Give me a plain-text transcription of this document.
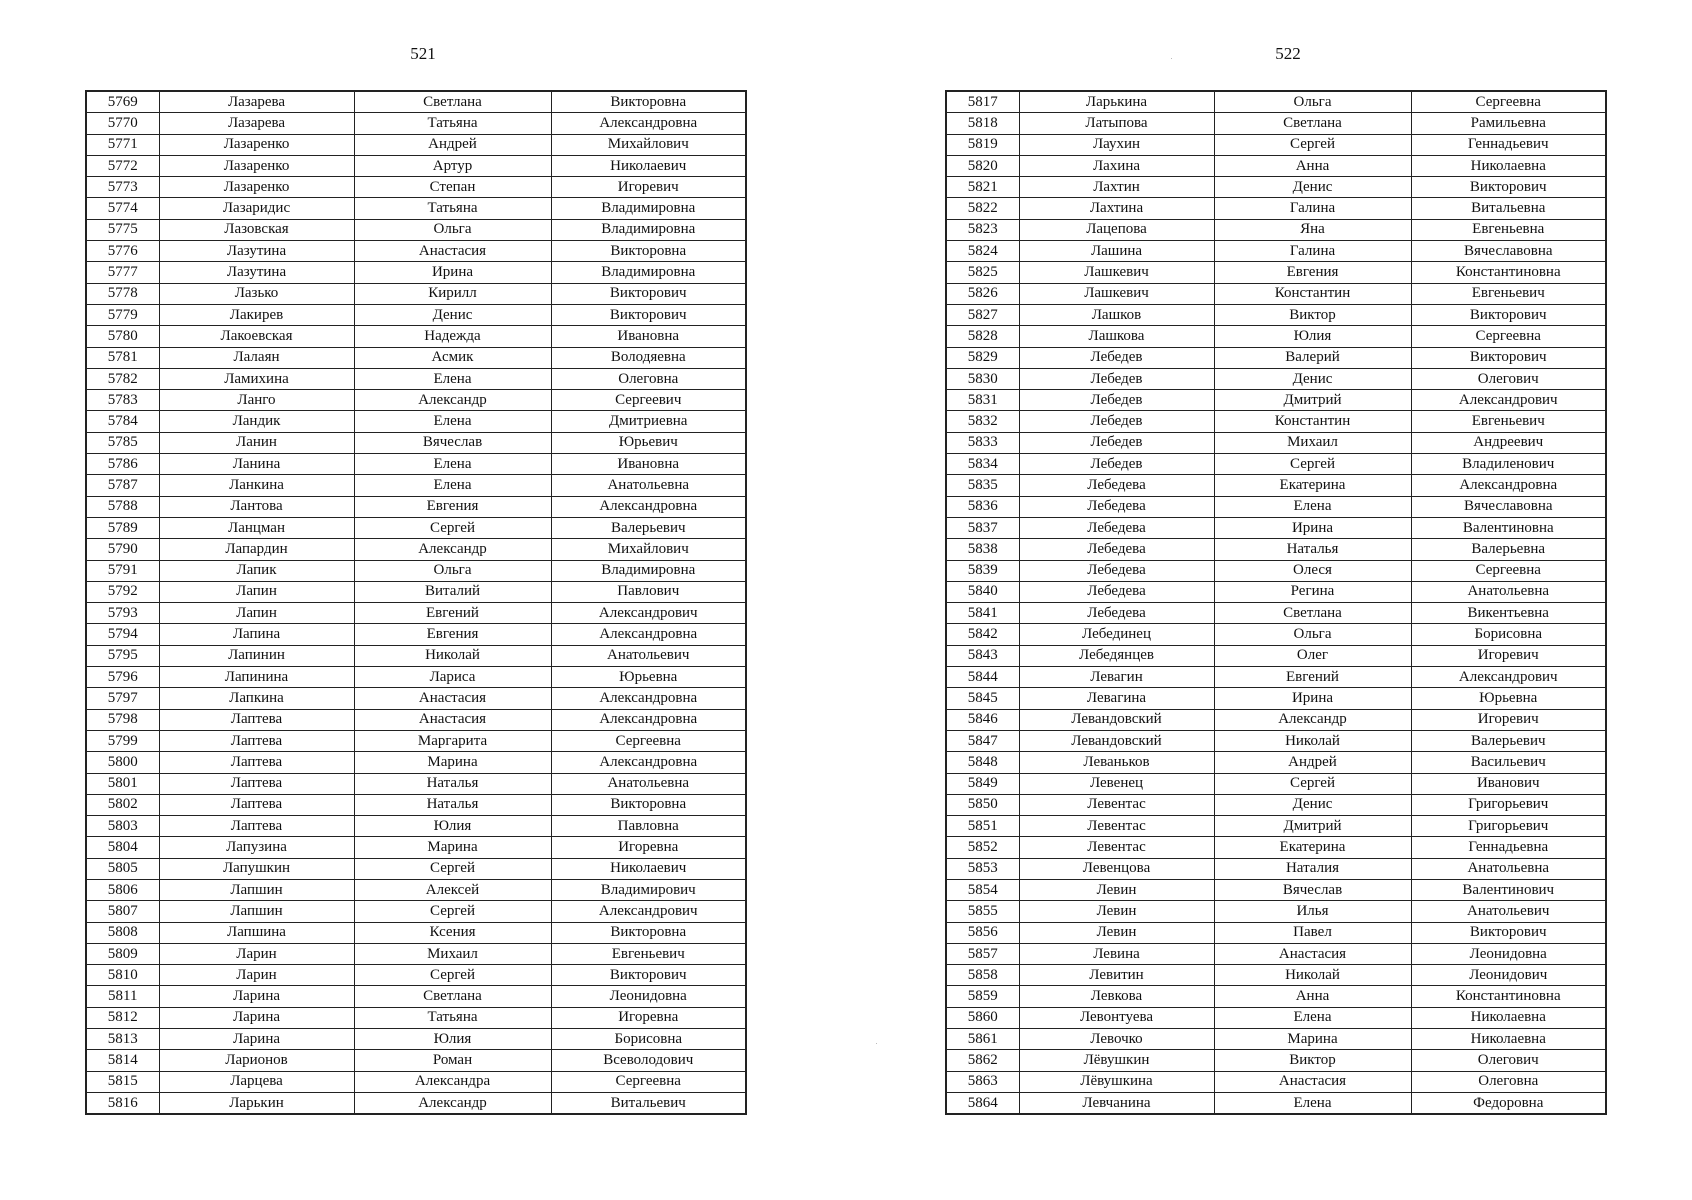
521	522
5769	Лазарева	Светлана	Викторовна
5770	Лазарева	Татьяна	Александровна
5771	Лазаренко	Андрей	Михайлович
5772	Лазаренко	Артур	Николаевич
5773	Лазаренко	Степан	Игоревич
5774	Лазаридис	Татьяна	Владимировна
5775	Лазовская	Ольга	Владимировна
5776	Лазутина	Анастасия	Викторовна
5777	Лазутина	Ирина	Владимировна
5778	Лазько	Кирилл	Викторович
5779	Лакирев	Денис	Викторович
5780	Лакоевская	Надежда	Ивановна
5781	Лалаян	Асмик	Володяевна
5782	Ламихина	Елена	Олеговна
5783	Ланго	Александр	Сергеевич
5784	Ландик	Елена	Дмитриевна
5785	Ланин	Вячеслав	Юрьевич
5786	Ланина	Елена	Ивановна
5787	Ланкина	Елена	Анатольевна
5788	Лантова	Евгения	Александровна
5789	Ланцман	Сергей	Валерьевич
5790	Лапардин	Александр	Михайлович
5791	Лапик	Ольга	Владимировна
5792	Лапин	Виталий	Павлович
5793	Лапин	Евгений	Александрович
5794	Лапина	Евгения	Александровна
5795	Лапинин	Николай	Анатольевич
5796	Лапинина	Лариса	Юрьевна
5797	Лапкина	Анастасия	Александровна
5798	Лаптева	Анастасия	Александровна
5799	Лаптева	Маргарита	Сергеевна
5800	Лаптева	Марина	Александровна
5801	Лаптева	Наталья	Анатольевна
5802	Лаптева	Наталья	Викторовна
5803	Лаптева	Юлия	Павловна
5804	Лапузина	Марина	Игоревна
5805	Лапушкин	Сергей	Николаевич
5806	Лапшин	Алексей	Владимирович
5807	Лапшин	Сергей	Александрович
5808	Лапшина	Ксения	Викторовна
5809	Ларин	Михаил	Евгеньевич
5810	Ларин	Сергей	Викторович
5811	Ларина	Светлана	Леонидовна
5812	Ларина	Татьяна	Игоревна
5813	Ларина	Юлия	Борисовна
5814	Ларионов	Роман	Всеволодович
5815	Ларцева	Александра	Сергеевна
5816	Ларькин	Александр	Витальевич
5817	Ларькина	Ольга	Сергеевна
5818	Латыпова	Светлана	Рамильевна
5819	Лаухин	Сергей	Геннадьевич
5820	Лахина	Анна	Николаевна
5821	Лахтин	Денис	Викторович
5822	Лахтина	Галина	Витальевна
5823	Лацепова	Яна	Евгеньевна
5824	Лашина	Галина	Вячеславовна
5825	Лашкевич	Евгения	Константиновна
5826	Лашкевич	Константин	Евгеньевич
5827	Лашков	Виктор	Викторович
5828	Лашкова	Юлия	Сергеевна
5829	Лебедев	Валерий	Викторович
5830	Лебедев	Денис	Олегович
5831	Лебедев	Дмитрий	Александрович
5832	Лебедев	Константин	Евгеньевич
5833	Лебедев	Михаил	Андреевич
5834	Лебедев	Сергей	Владиленович
5835	Лебедева	Екатерина	Александровна
5836	Лебедева	Елена	Вячеславовна
5837	Лебедева	Ирина	Валентиновна
5838	Лебедева	Наталья	Валерьевна
5839	Лебедева	Олеся	Сергеевна
5840	Лебедева	Регина	Анатольевна
5841	Лебедева	Светлана	Викентьевна
5842	Лебединец	Ольга	Борисовна
5843	Лебедянцев	Олег	Игоревич
5844	Левагин	Евгений	Александрович
5845	Левагина	Ирина	Юрьевна
5846	Левандовский	Александр	Игоревич
5847	Левандовский	Николай	Валерьевич
5848	Леваньков	Андрей	Васильевич
5849	Левенец	Сергей	Иванович
5850	Левентас	Денис	Григорьевич
5851	Левентас	Дмитрий	Григорьевич
5852	Левентас	Екатерина	Геннадьевна
5853	Левенцова	Наталия	Анатольевна
5854	Левин	Вячеслав	Валентинович
5855	Левин	Илья	Анатольевич
5856	Левин	Павел	Викторович
5857	Левина	Анастасия	Леонидовна
5858	Левитин	Николай	Леонидович
5859	Левкова	Анна	Константиновна
5860	Левонтуева	Елена	Николаевна
5861	Левочко	Марина	Николаевна
5862	Лёвушкин	Виктор	Олегович
5863	Лёвушкина	Анастасия	Олеговна
5864	Левчанина	Елена	Федоровна
